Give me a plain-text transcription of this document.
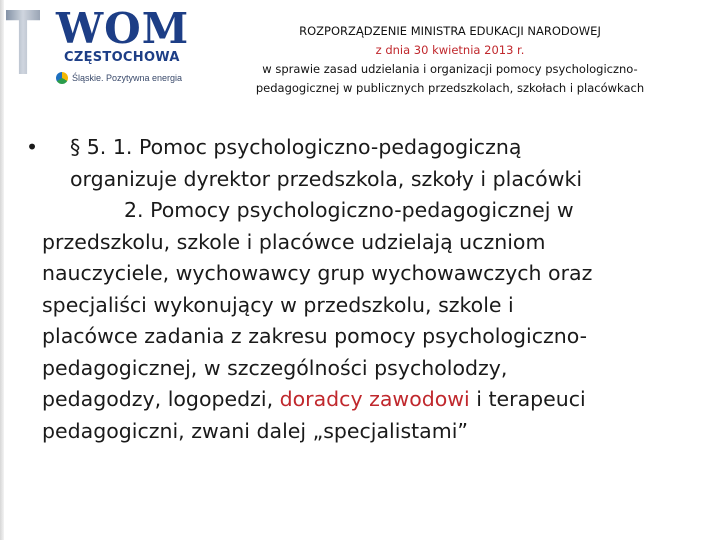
WOM
CZĘSTOCHOWA
Śląskie. Pozytywna energia
ROZPORZĄDZENIE MINISTRA EDUKACJI NARODOWEJ
z dnia 30 kwietnia 2013 r.
w sprawie zasad udzielania i organizacji pomocy psychologiczno-
pedagogicznej w publicznych przedszkolach, szkołach i placówkach
•	§ 5. 1. Pomoc psychologiczno-pedagogiczną
organizuje dyrektor przedszkola, szkoły i placówki
2. Pomocy psychologiczno-pedagogicznej w
przedszkolu, szkole i placówce udzielają uczniom
nauczyciele, wychowawcy grup wychowawczych oraz
specjaliści wykonujący w przedszkolu, szkole i
placówce zadania z zakresu pomocy psychologiczno-
pedagogicznej, w szczególności psycholodzy,
pedagodzy, logopedzi, doradcy zawodowi i terapeuci
pedagogiczni, zwani dalej „specjalistami”
